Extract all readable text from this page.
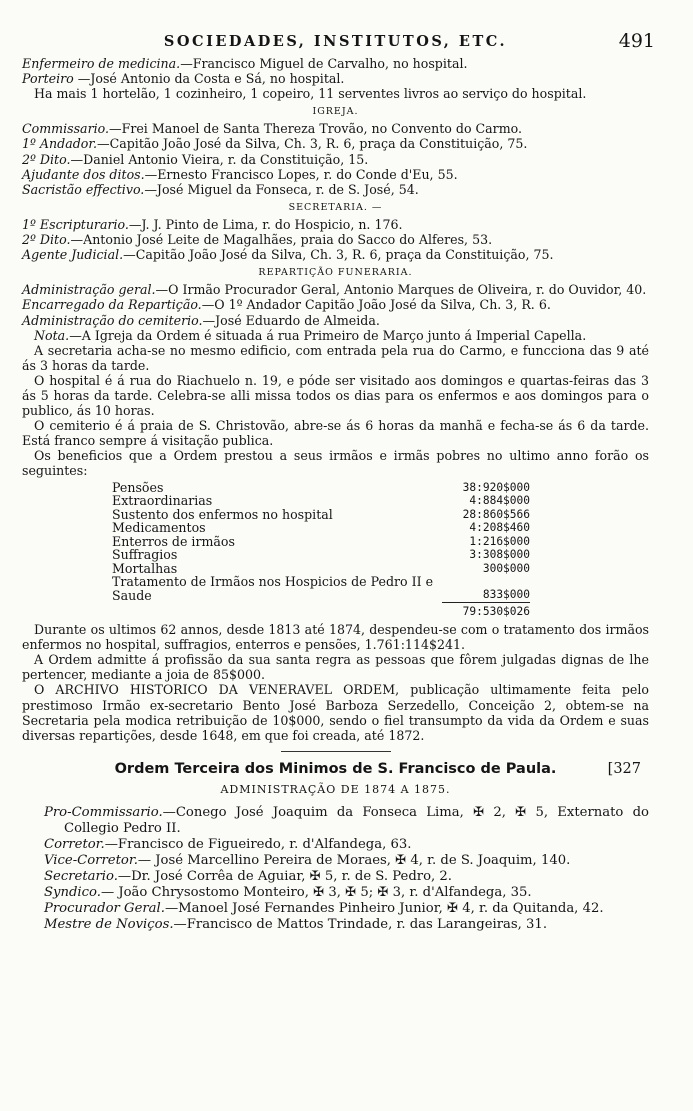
SOCIEDADES, INSTITUTOS, ETC.	491

Enfermeiro de medicina.—Francisco Miguel de Carvalho, no hospital.

Porteiro —José Antonio da Costa e Sá, no hospital.

Ha mais 1 hortelão, 1 cozinheiro, 1 copeiro, 11 serventes livros ao serviço do hospital.

IGREJA.

Commissario.—Frei Manoel de Santa Thereza Trovão, no Convento do Carmo.

1º Andador.—Capitão João José da Silva, Ch. 3, R. 6, praça da Constituição, 75.

2º Dito.—Daniel Antonio Vieira, r. da Constituição, 15.

Ajudante dos ditos.—Ernesto Francisco Lopes, r. do Conde d'Eu, 55.

Sacristão effectivo.—José Miguel da Fonseca, r. de S. José, 54.

SECRETARIA. —

1º Escripturario.—J. J. Pinto de Lima, r. do Hospicio, n. 176.

2º Dito.—Antonio José Leite de Magalhães, praia do Sacco do Alferes, 53.

Agente Judicial.—Capitão João José da Silva, Ch. 3, R. 6, praça da Constituição, 75.

REPARTIÇÃO FUNERARIA.

Administração geral.—O Irmão Procurador Geral, Antonio Marques de Oliveira, r. do Ouvidor, 40.

Encarregado da Repartição.—O 1º Andador Capitão João José da Silva, Ch. 3, R. 6.

Administração do cemiterio.—José Eduardo de Almeida.

Nota.—A Igreja da Ordem é situada á rua Primeiro de Março junto á Imperial Capella.

A secretaria acha-se no mesmo edificio, com entrada pela rua do Carmo, e funcciona das 9 até ás 3 horas da tarde.

O hospital é á rua do Riachuelo n. 19, e póde ser visitado aos domingos e quartas-feiras das 3 ás 5 horas da tarde. Celebra-se alli missa todos os dias para os enfermos e aos domingos para o publico, ás 10 horas.

O cemiterio é á praia de S. Christovão, abre-se ás 6 horas da manhã e fecha-se ás 6 da tarde. Está franco sempre á visitação publica.

Os beneficios que a Ordem prestou a seus irmãos e irmãs pobres no ultimo anno forão os seguintes:

Pensões	38:920$000
Extraordinarias	4:884$000
Sustento dos enfermos no hospital	28:860$566
Medicamentos	4:208$460
Enterros de irmãos	1:216$000
Suffragios	3:308$000
Mortalhas	300$000
Tratamento de Irmãos nos Hospicios de Pedro II e Saude	833$000
	79:530$026

Durante os ultimos 62 annos, desde 1813 até 1874, despendeu-se com o tratamento dos irmãos enfermos no hospital, suffragios, enterros e pensões, 1.761:114$241.

A Ordem admitte á profissão da sua santa regra as pessoas que fôrem julgadas dignas de lhe pertencer, mediante a joia de 85$000.

O ARCHIVO HISTORICO DA VENERAVEL ORDEM, publicação ultimamente feita pelo prestimoso Irmão ex-secretario Bento José Barboza Serzedello, Conceição 2, obtem-se na Secretaria pela modica retribuição de 10$000, sendo o fiel transumpto da vida da Ordem e suas diversas repartições, desde 1648, em que foi creada, até 1872.

Ordem Terceira dos Minimos de S. Francisco de Paula.	[327
ADMINISTRAÇÃO DE 1874 A 1875.

Pro-Commissario.—Conego José Joaquim da Fonseca Lima, ✠ 2, ✠ 5, Externato do Collegio Pedro II.

Corretor.—Francisco de Figueiredo, r. d'Alfandega, 63.

Vice-Corretor.— José Marcellino Pereira de Moraes, ✠ 4, r. de S. Joaquim, 140.

Secretario.—Dr. José Corrêa de Aguiar, ✠ 5, r. de S. Pedro, 2.

Syndico.— João Chrysostomo Monteiro, ✠ 3, ✠ 5; ✠ 3, r. d'Alfandega, 35.

Procurador Geral.—Manoel José Fernandes Pinheiro Junior, ✠ 4, r. da Quitanda, 42.

Mestre de Noviços.—Francisco de Mattos Trindade, r. das Larangeiras, 31.
